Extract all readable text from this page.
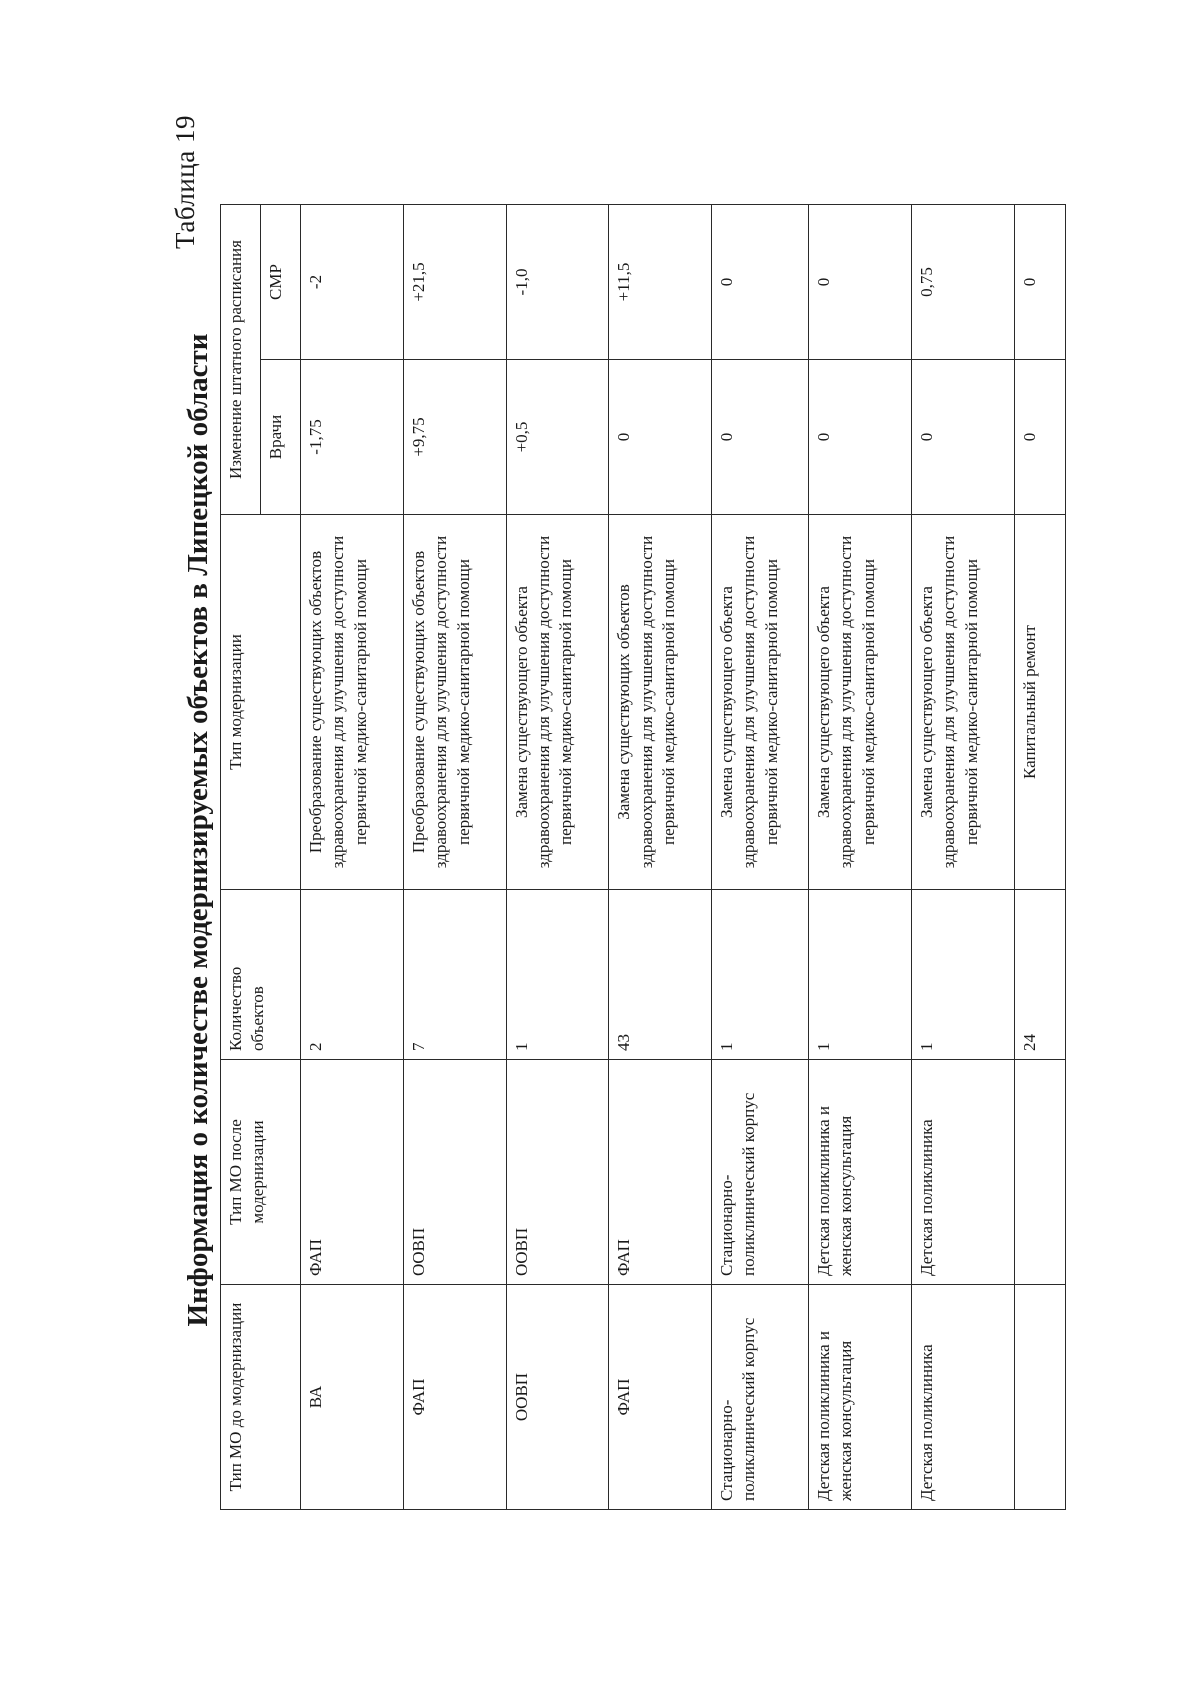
Таблица 19
Информация о количестве модернизируемых объектов в Липецкой области
Тип МО до модернизации	Тип МО после модернизации	Количество объектов	Тип модернизации	Изменение штатного расписания	
				Врачи	СМР
ВА	ФАП	2	Преобразование существующих объектов здравоохранения для улучшения доступности первичной медико-санитарной помощи	-1,75	-2
ФАП	ООВП	7	Преобразование существующих объектов здравоохранения для улучшения доступности первичной медико-санитарной помощи	+9,75	+21,5
ООВП	ООВП	1	Замена существующего объекта здравоохранения для улучшения доступности первичной медико-санитарной помощи	+0,5	-1,0
ФАП	ФАП	43	Замена существующих объектов здравоохранения для улучшения доступности первичной медико-санитарной помощи	0	+11,5
Стационарно-поликлинический корпус	Стационарно-поликлинический корпус	1	Замена существующего объекта здравоохранения для улучшения доступности первичной медико-санитарной помощи	0	0
Детская поликлиника и женская консультация	Детская поликлиника и женская консультация	1	Замена существующего объекта здравоохранения для улучшения доступности первичной медико-санитарной помощи	0	0
Детская поликлиника	Детская поликлиника	1	Замена существующего объекта здравоохранения для улучшения доступности первичной медико-санитарной помощи	0	0,75
		24	Капитальный ремонт	0	0
